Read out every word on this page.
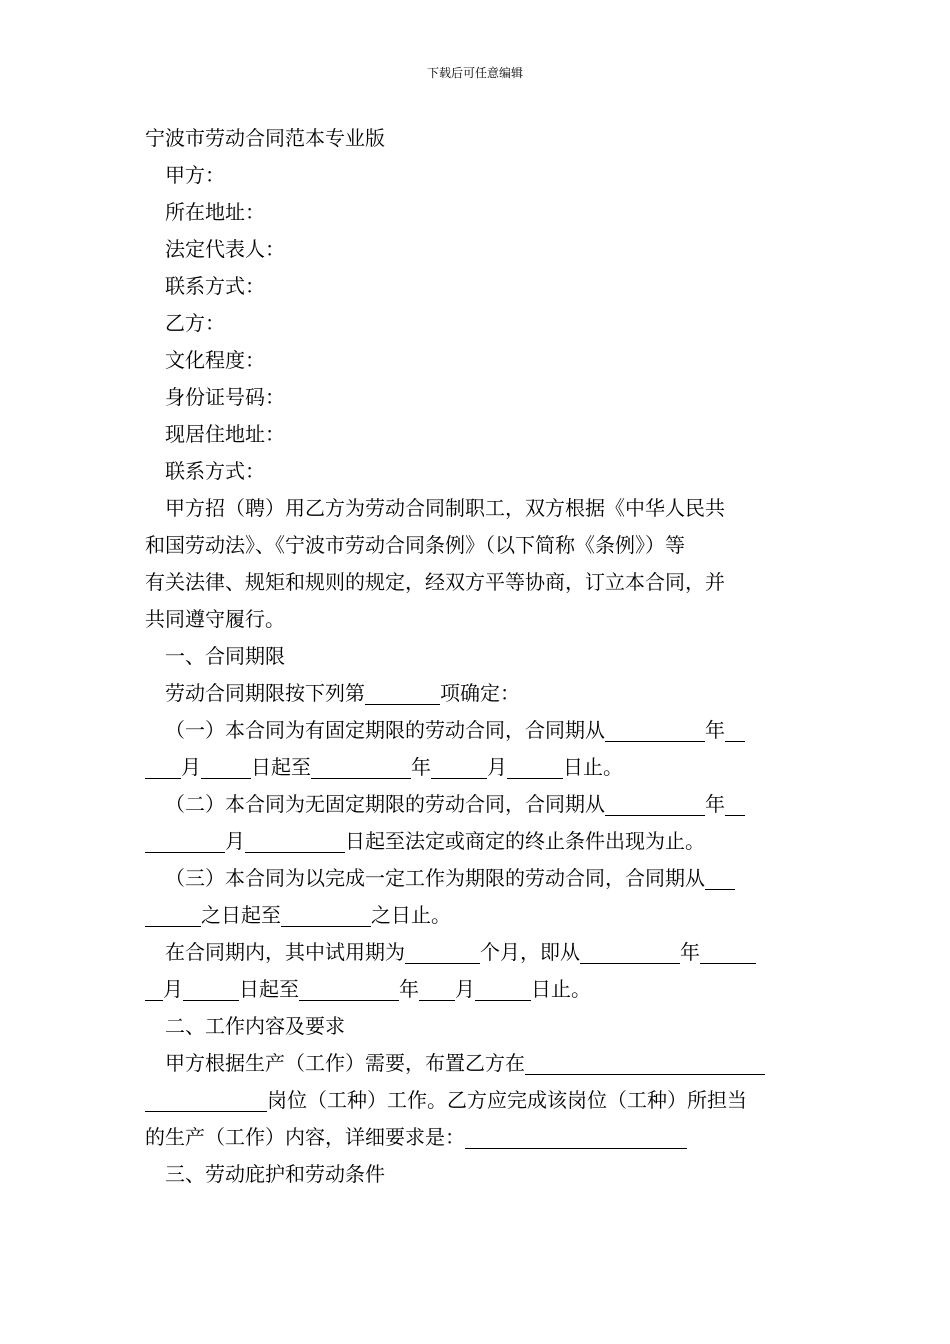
下载后可任意编辑
宁波市劳动合同范本专业版
甲方：
所在地址：
法定代表人：
联系方式：
乙方：
文化程度：
身份证号码：
现居住地址：
联系方式：
甲方招（聘）用乙方为劳动合同制职工，双方根据《中华人民共
和国劳动法》、《宁波市劳动合同条例》（以下简称《条例》）等
有关法律、规矩和规则的规定，经双方平等协商，订立本合同，并
共同遵守履行。
一、合同期限
劳动合同期限按下列第	项确定：
（一）本合同为有固定期限的劳动合同，合同期从	年
月	日起至	年	月	日止。
（二）本合同为无固定期限的劳动合同，合同期从	年
月	日起至法定或商定的终止条件出现为止。
（三）本合同为以完成一定工作为期限的劳动合同，合同期从
之日起至	之日止。
在合同期内，其中试用期为	个月，即从	年
月	日起至	年 月	日止。
二、工作内容及要求
甲方根据生产（工作）需要，布置乙方在
岗位（工种）工作。乙方应完成该岗位（工种）所担当
的生产（工作）内容，详细要求是：
三、劳动庇护和劳动条件
